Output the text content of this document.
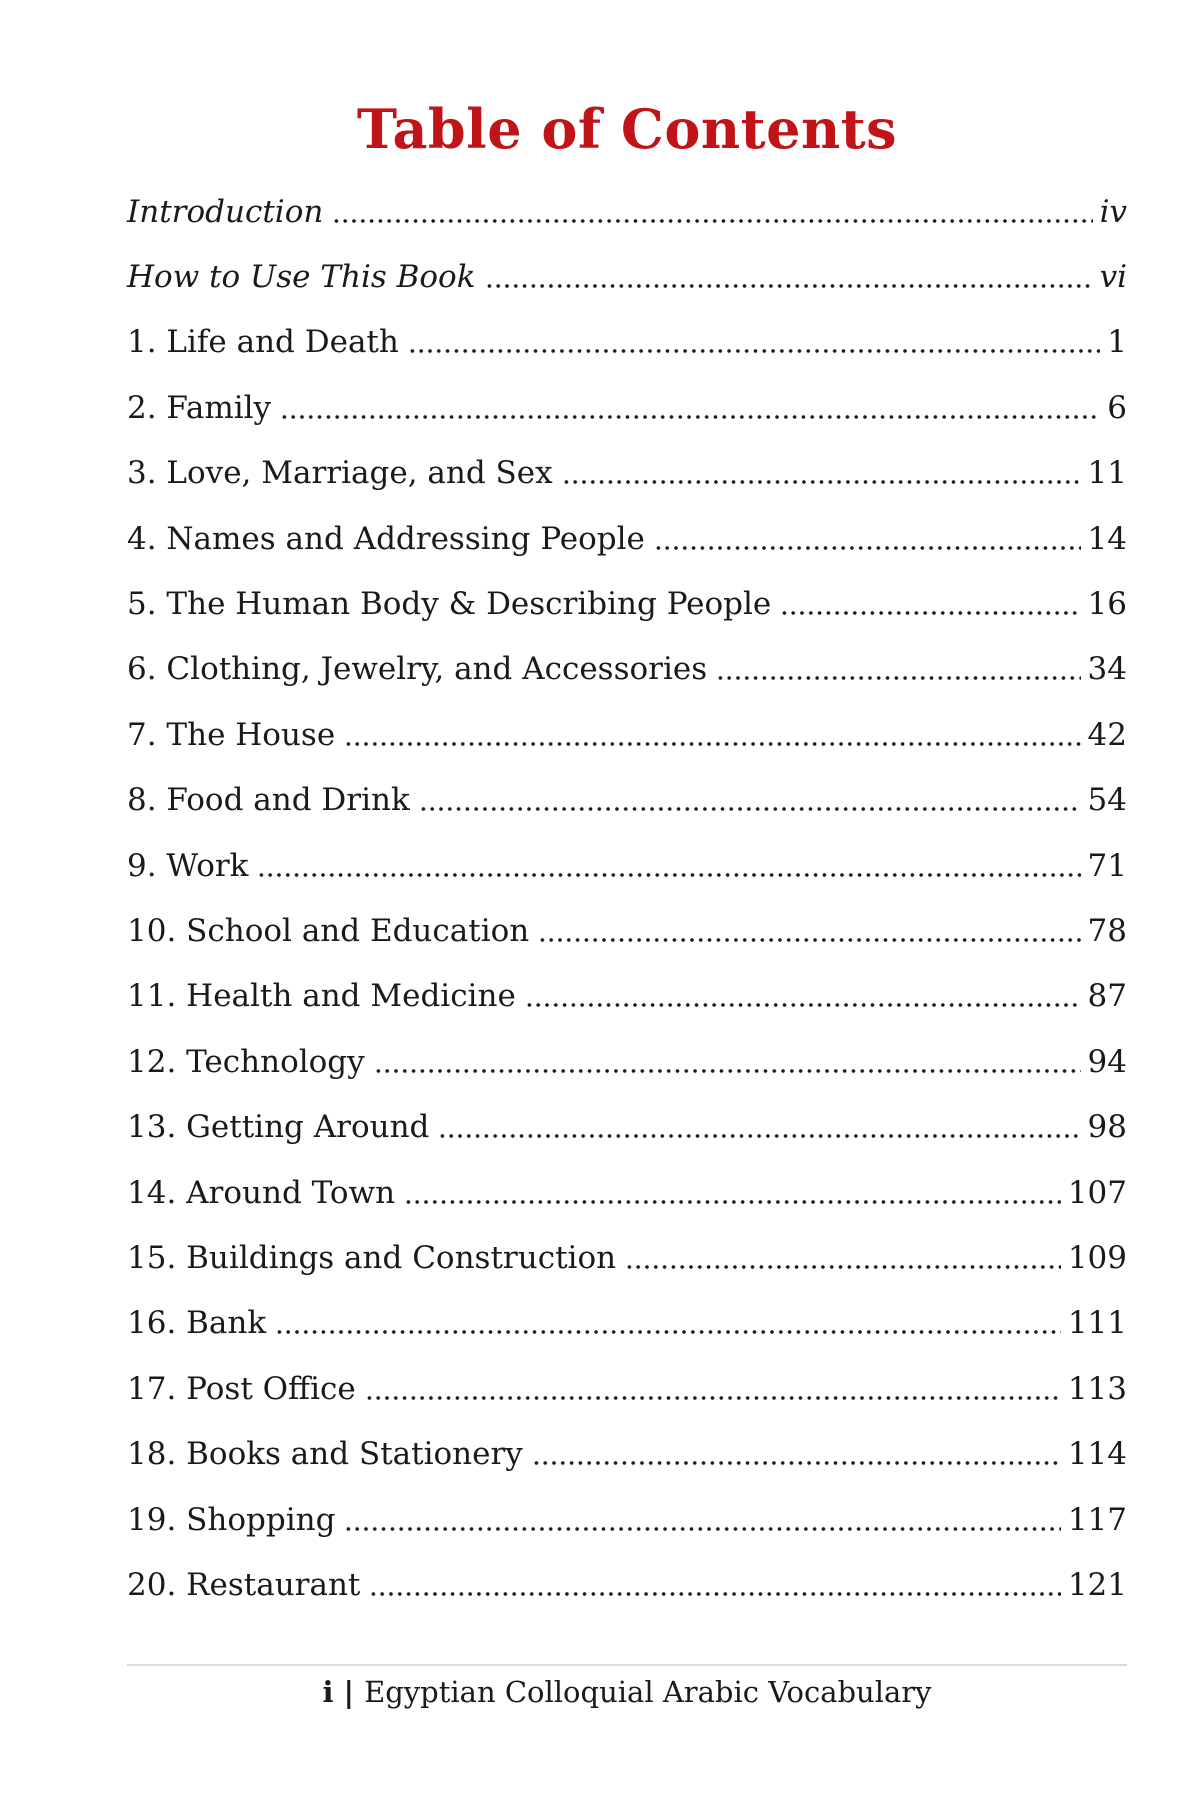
Table of Contents
Introduction	iv
How to Use This Book	vi
1. Life and Death	1
2. Family	6
3. Love, Marriage, and Sex	11
4. Names and Addressing People	14
5. The Human Body & Describing People	16
6. Clothing, Jewelry, and Accessories	34
7. The House	42
8. Food and Drink	54
9. Work	71
10. School and Education	78
11. Health and Medicine	87
12. Technology	94
13. Getting Around	98
14. Around Town	107
15. Buildings and Construction	109
16. Bank	111
17. Post Office	113
18. Books and Stationery	114
19. Shopping	117
20. Restaurant	121
i | Egyptian Colloquial Arabic Vocabulary
